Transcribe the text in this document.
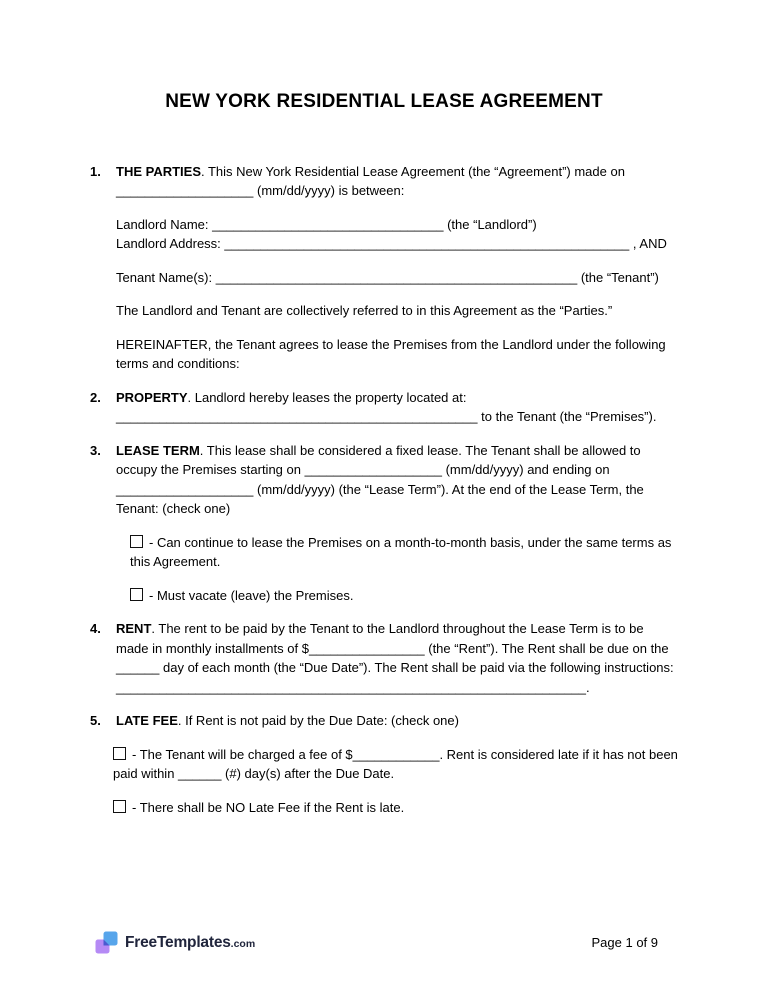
NEW YORK RESIDENTIAL LEASE AGREEMENT
1.	THE PARTIES. This New York Residential Lease Agreement (the “Agreement”) made on ___________________ (mm/dd/yyyy) is between:

Landlord Name: ________________________________ (the “Landlord”)

Landlord Address: ________________________________________________________ , AND

Tenant Name(s): __________________________________________________ (the “Tenant”)

The Landlord and Tenant are collectively referred to in this Agreement as the “Parties.”

HEREINAFTER, the Tenant agrees to lease the Premises from the Landlord under the following terms and conditions:

2.	PROPERTY. Landlord hereby leases the property located at: __________________________________________________ to the Tenant (the “Premises”).

3.	LEASE TERM. This lease shall be considered a fixed lease. The Tenant shall be allowed to occupy the Premises starting on ___________________ (mm/dd/yyyy) and ending on ___________________ (mm/dd/yyyy) (the “Lease Term”). At the end of the Lease Term, the Tenant: (check one)

- Can continue to lease the Premises on a month-to-month basis, under the same terms as this Agreement.

- Must vacate (leave) the Premises.

4.	RENT. The rent to be paid by the Tenant to the Landlord throughout the Lease Term is to be made in monthly installments of $________________ (the “Rent”). The Rent shall be due on the ______ day of each month (the “Due Date”). The Rent shall be paid via the following instructions: _________________________________________________________________.

5.	LATE FEE. If Rent is not paid by the Due Date: (check one)

- The Tenant will be charged a fee of $____________. Rent is considered late if it has not been paid within ______ (#) day(s) after the Due Date.

- There shall be NO Late Fee if the Rent is late.

FreeTemplates .com	Page 1 of 9
